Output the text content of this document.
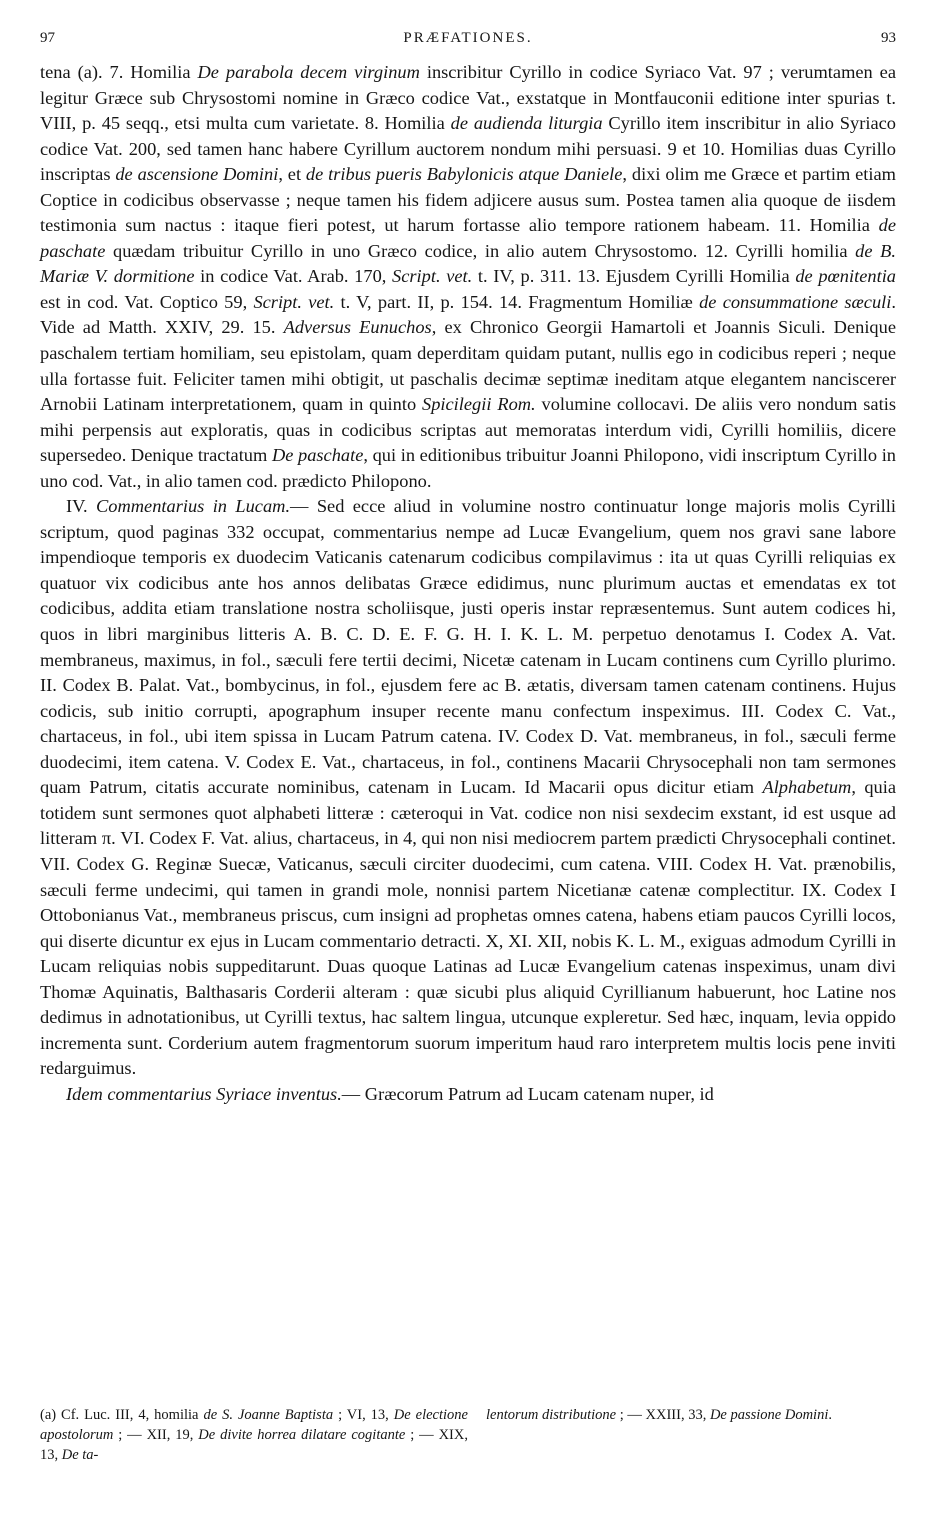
97	PRÆFATIONES.	93

tena (a). 7. Homilia De parabola decem virginum inscribitur Cyrillo in codice Syriaco Vat. 97 ; verumtamen ea legitur Græce sub Chrysostomi nomine in Græco codice Vat., exstatque in Montfauconii editione inter spurias t. VIII, p. 45 seqq., etsi multa cum varietate. 8. Homilia de audienda liturgia Cyrillo item inscribitur in alio Syriaco codice Vat. 200, sed tamen hanc habere Cyrillum auctorem nondum mihi persuasi. 9 et 10. Homilias duas Cyrillo inscriptas de ascensione Domini, et de tribus pueris Babylonicis atque Daniele, dixi olim me Græce et partim etiam Coptice in codicibus observasse ; neque tamen his fidem adjicere ausus sum. Postea tamen alia quoque de iisdem testimonia sum nactus : itaque fieri potest, ut harum fortasse alio tempore rationem habeam. 11. Homilia de paschate quædam tribuitur Cyrillo in uno Græco codice, in alio autem Chrysostomo. 12. Cyrilli homilia de B. Mariæ V. dormitione in codice Vat. Arab. 170, Script. vet. t. IV, p. 311. 13. Ejusdem Cyrilli Homilia de pœnitentia est in cod. Vat. Coptico 59, Script. vet. t. V, part. II, p. 154. 14. Fragmentum Homiliæ de consummatione sæculi. Vide ad Matth. XXIV, 29. 15. Adversus Eunuchos, ex Chronico Georgii Hamartoli et Joannis Siculi. Denique paschalem tertiam homiliam, seu epistolam, quam deperditam quidam putant, nullis ego in codicibus reperi ; neque ulla fortasse fuit. Feliciter tamen mihi obtigit, ut paschalis decimæ septimæ ineditam atque elegantem nanciscerer Arnobii Latinam interpretationem, quam in quinto Spicilegii Rom. volumine collocavi. De aliis vero nondum satis mihi perpensis aut exploratis, quas in codicibus scriptas aut memoratas interdum vidi, Cyrilli homiliis, dicere supersedeo. Denique tractatum De paschate, qui in editionibus tribuitur Joanni Philopono, vidi inscriptum Cyrillo in uno cod. Vat., in alio tamen cod. prædicto Philopono.

IV. Commentarius in Lucam.— Sed ecce aliud in volumine nostro continuatur longe majoris molis Cyrilli scriptum, quod paginas 332 occupat, commentarius nempe ad Lucæ Evangelium, quem nos gravi sane labore impendioque temporis ex duodecim Vaticanis catenarum codicibus compilavimus : ita ut quas Cyrilli reliquias ex quatuor vix codicibus ante hos annos delibatas Græce edidimus, nunc plurimum auctas et emendatas ex tot codicibus, addita etiam translatione nostra scholiisque, justi operis instar repræsentemus. Sunt autem codices hi, quos in libri marginibus litteris A. B. C. D. E. F. G. H. I. K. L. M. perpetuo denotamus I. Codex A. Vat. membraneus, maximus, in fol., sæculi fere tertii decimi, Nicetæ catenam in Lucam continens cum Cyrillo plurimo. II. Codex B. Palat. Vat., bombycinus, in fol., ejusdem fere ac B. ætatis, diversam tamen catenam continens. Hujus codicis, sub initio corrupti, apographum insuper recente manu confectum inspeximus. III. Codex C. Vat., chartaceus, in fol., ubi item spissa in Lucam Patrum catena. IV. Codex D. Vat. membraneus, in fol., sæculi ferme duodecimi, item catena. V. Codex E. Vat., chartaceus, in fol., continens Macarii Chrysocephali non tam sermones quam Patrum, citatis accurate nominibus, catenam in Lucam. Id Macarii opus dicitur etiam Alphabetum, quia totidem sunt sermones quot alphabeti litteræ : cæteroqui in Vat. codice non nisi sexdecim exstant, id est usque ad litteram π. VI. Codex F. Vat. alius, chartaceus, in 4, qui non nisi mediocrem partem prædicti Chrysocephali continet. VII. Codex G. Reginæ Suecæ, Vaticanus, sæculi circiter duodecimi, cum catena. VIII. Codex H. Vat. prænobilis, sæculi ferme undecimi, qui tamen in grandi mole, nonnisi partem Nicetianæ catenæ complectitur. IX. Codex I Ottobonianus Vat., membraneus priscus, cum insigni ad prophetas omnes catena, habens etiam paucos Cyrilli locos, qui diserte dicuntur ex ejus in Lucam commentario detracti. X, XI. XII, nobis K. L. M., exiguas admodum Cyrilli in Lucam reliquias nobis suppeditarunt. Duas quoque Latinas ad Lucæ Evangelium catenas inspeximus, unam divi Thomæ Aquinatis, Balthasaris Corderii alteram : quæ sicubi plus aliquid Cyrillianum habuerunt, hoc Latine nos dedimus in adnotationibus, ut Cyrilli textus, hac saltem lingua, utcunque expleretur. Sed hæc, inquam, levia oppido incrementa sunt. Corderium autem fragmentorum suorum imperitum haud raro interpretem multis locis pene inviti redarguimus.

Idem commentarius Syriace inventus.— Græcorum Patrum ad Lucam catenam nuper, id

(a) Cf. Luc. III, 4, homilia de S. Joanne Baptista ; VI, 13, De electione apostolorum ; — XII, 19, De divite horrea dilatare cogitante ; — XIX, 13, De ta-
lentorum distributione ; — XXIII, 33, De passione Domini.
